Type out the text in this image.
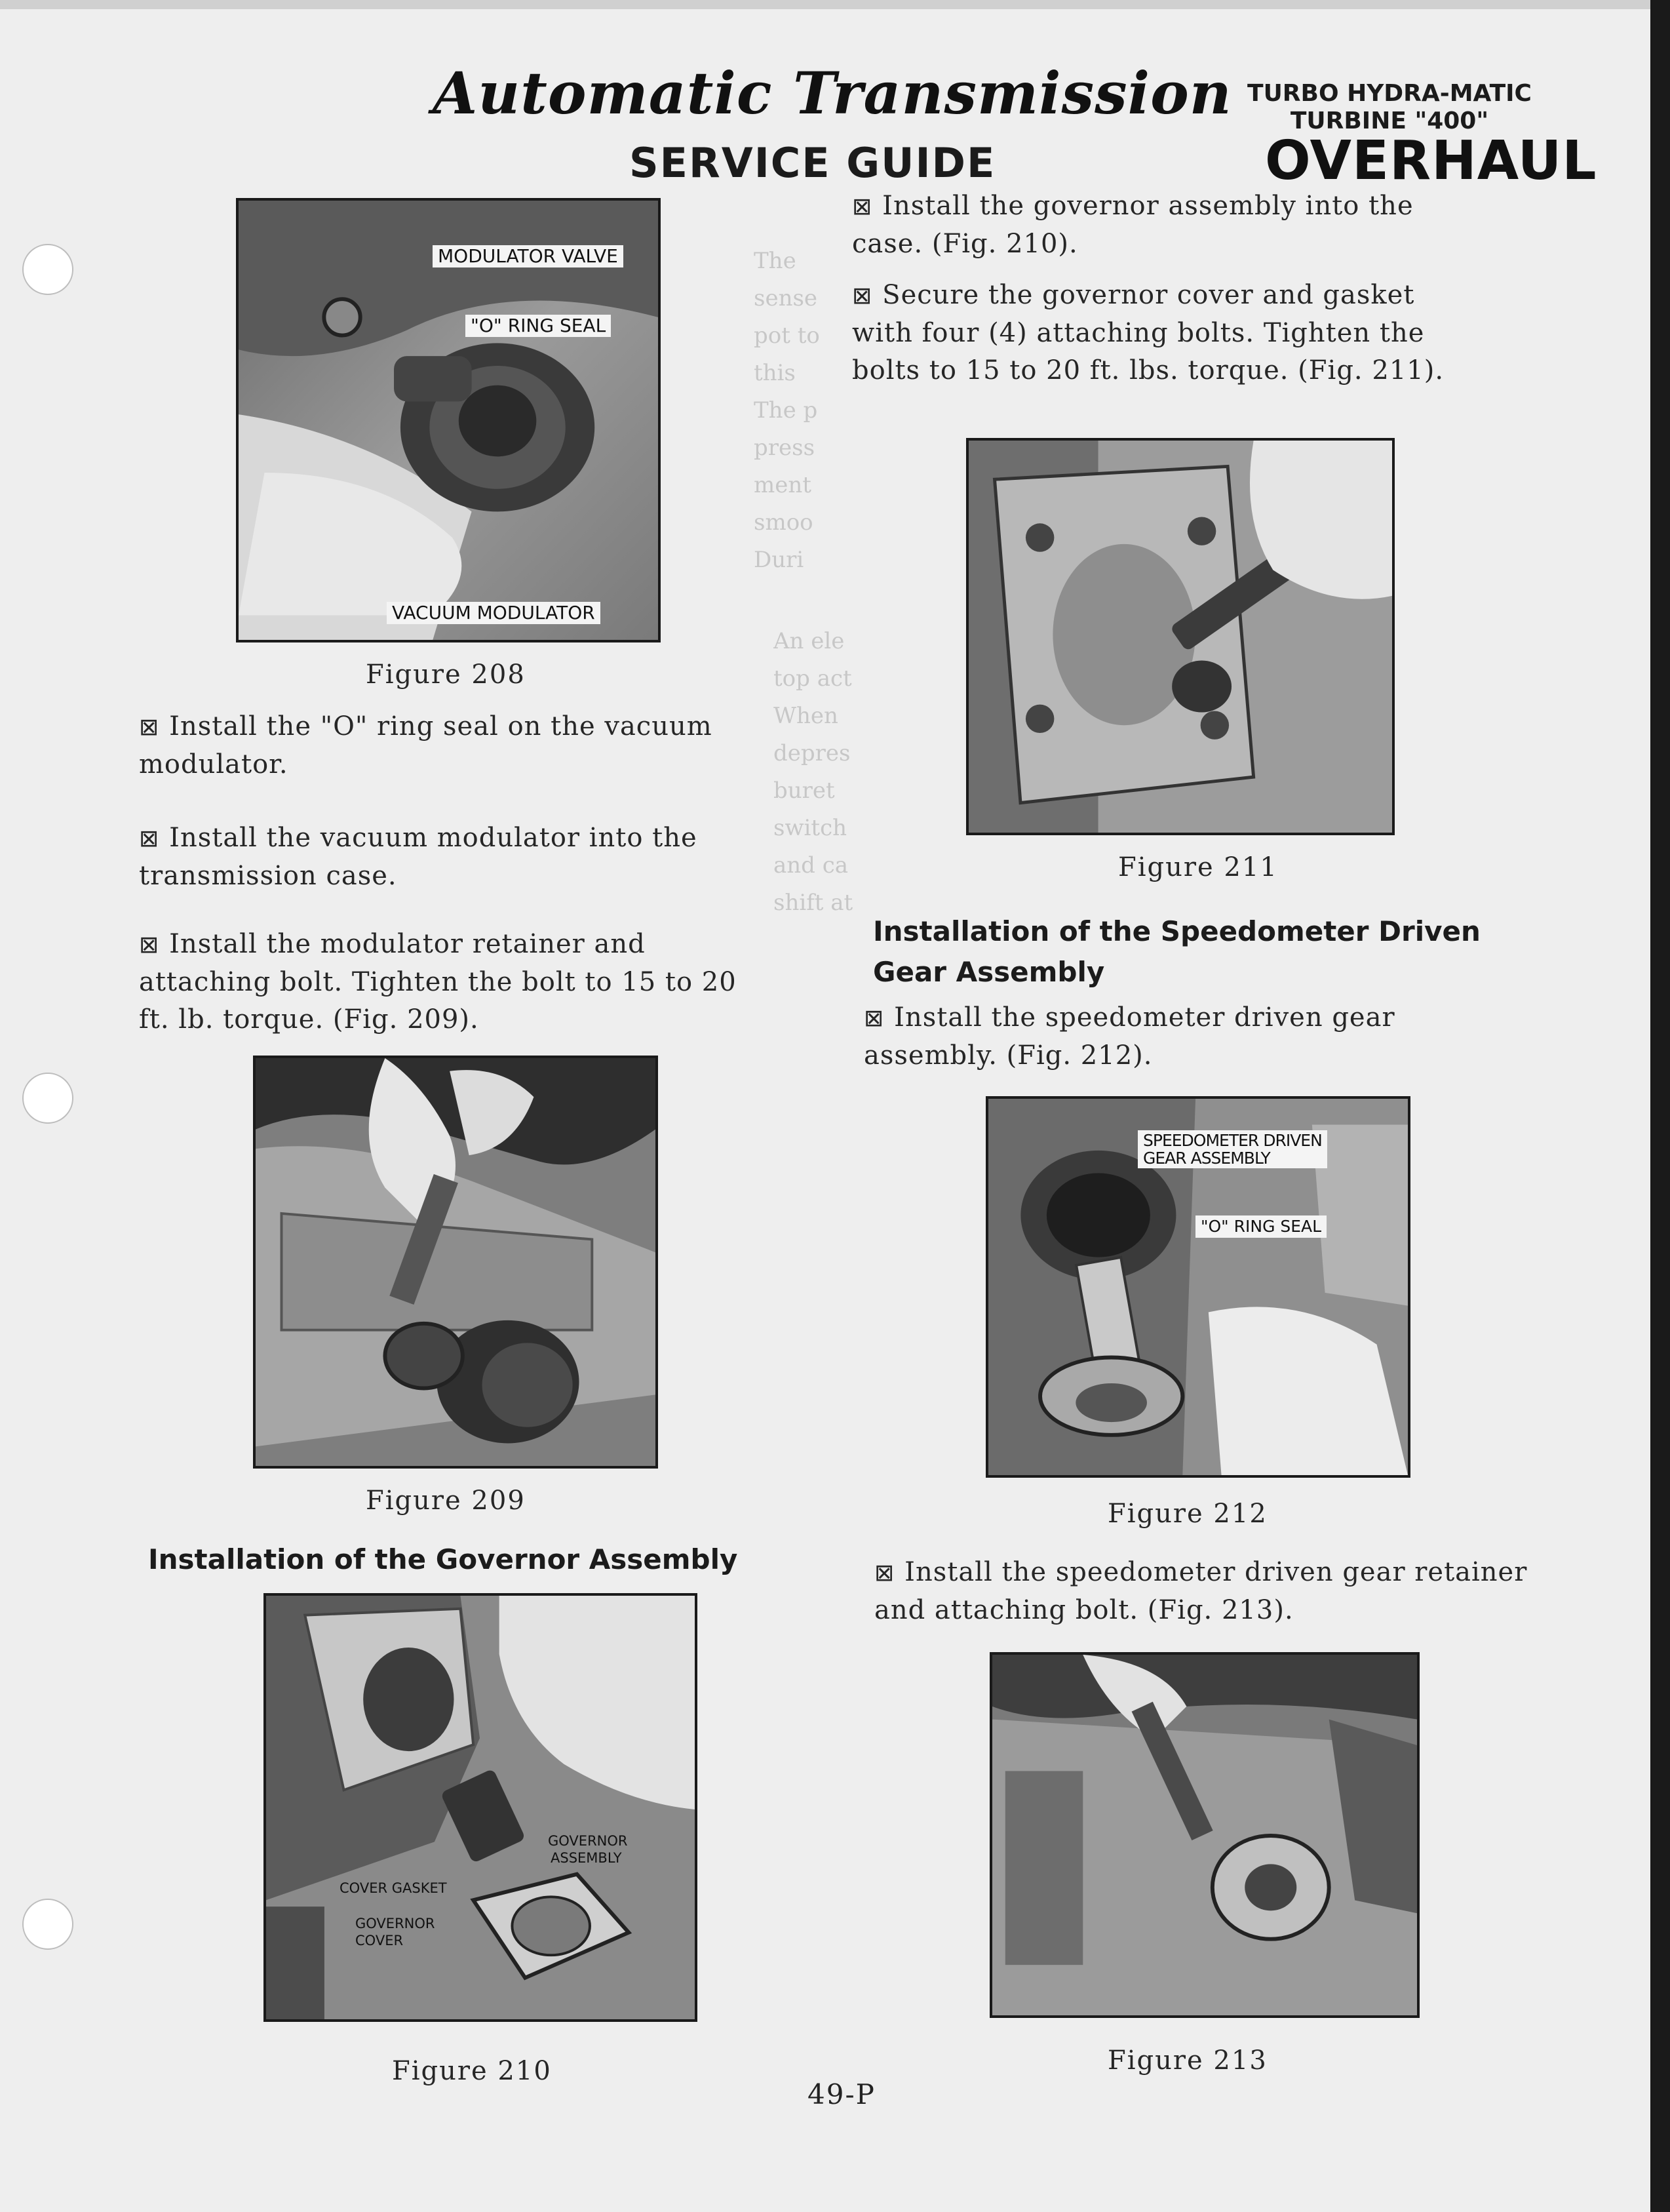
The
sense
pot to
this
The p
press
ment
smoo
Duri
An ele
top act
When
depres
buret
switch
and ca
shift at
Automatic Transmission
SERVICE GUIDE
TURBO HYDRA-MATIC
TURBINE "400"
OVERHAUL
MODULATOR VALVE
"O" RING SEAL
VACUUM MODULATOR
Figure 208
⊠ Install the "O" ring seal on the vacuum modulator.
⊠ Install the vacuum modulator into the transmission case.
⊠ Install the modulator retainer and attaching bolt. Tighten the bolt to 15 to 20 ft. lb. torque. (Fig. 209).
Figure 209
Installation of the Governor Assembly
GOVERNOR
ASSEMBLY
COVER GASKET
GOVERNOR
COVER
Figure 210
⊠ Install the governor assembly into the case. (Fig. 210).
⊠ Secure the governor cover and gasket with four (4) attaching bolts. Tighten the bolts to 15 to 20 ft. lbs. torque. (Fig. 211).
Figure 211
Installation of the Speedometer Driven Gear Assembly
⊠ Install the speedometer driven gear assembly. (Fig. 212).
SPEEDOMETER DRIVEN
GEAR ASSEMBLY
"O" RING SEAL
Figure 212
⊠ Install the speedometer driven gear retainer and attaching bolt. (Fig. 213).
Figure 213
49-P
